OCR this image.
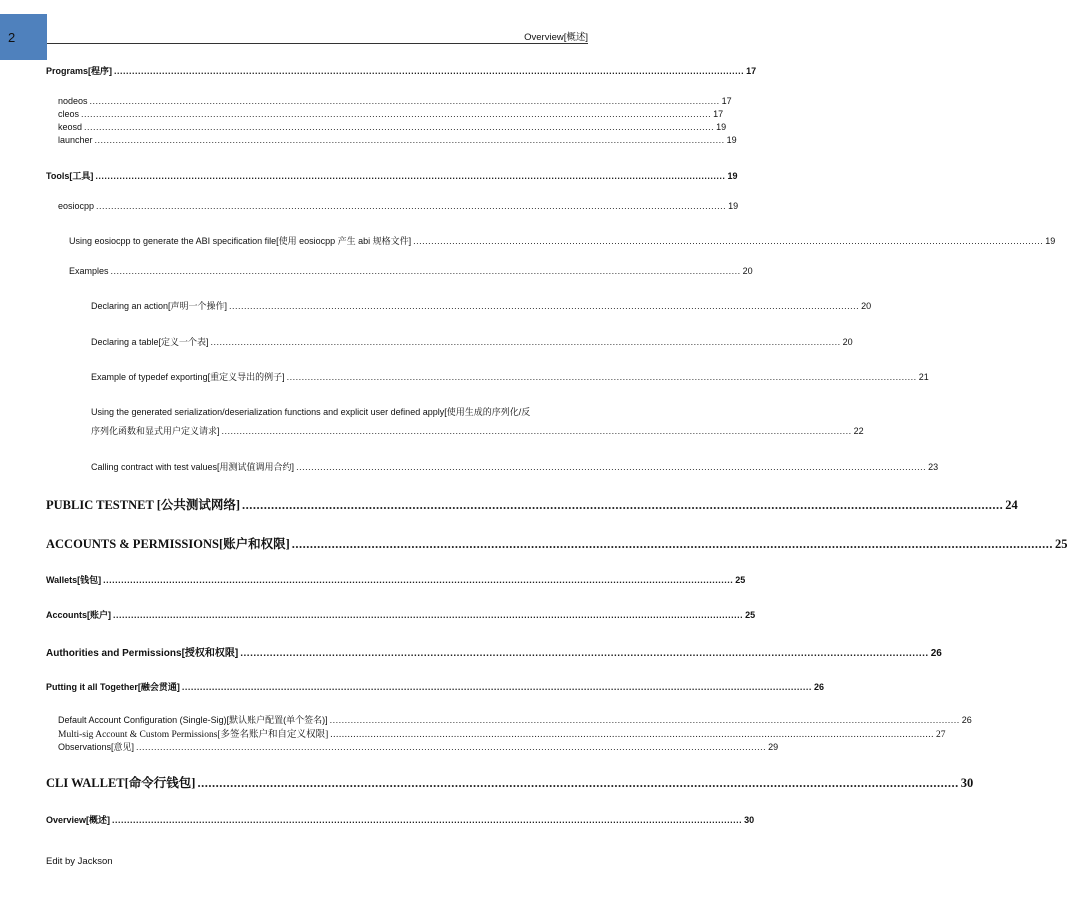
2	Overview[概述]
Programs[程序] .................................................................................................................................................................................................................. 17
nodeos .................................................................................................................................................................................................................. 17
cleos .................................................................................................................................................................................................................. 17
keosd .................................................................................................................................................................................................................. 19
launcher .................................................................................................................................................................................................................. 19
Tools[工具] .................................................................................................................................................................................................................. 19
eosiocpp .................................................................................................................................................................................................................. 19
Using eosiocpp to generate the ABI specification file[使用 eosiocpp 产生 abi 规格文件] .................................................................................................................................................................................................................. 19
Examples .................................................................................................................................................................................................................. 20
Declaring an action[声明一个操作] .................................................................................................................................................................................................................. 20
Declaring a table[定义一个表] .................................................................................................................................................................................................................. 20
Example of typedef exporting[重定义导出的例子] .................................................................................................................................................................................................................. 21
Using the generated serialization/deserialization functions and explicit user defined apply[使用生成的序列化/反
序列化函数和显式用户定义请求] .................................................................................................................................................................................................................. 22
Calling contract with test values[用测试值调用合约] .................................................................................................................................................................................................................. 23
PUBLIC TESTNET [公共测试网络] .................................................................................................................................................................................................................. 24
ACCOUNTS & PERMISSIONS[账户和权限] .................................................................................................................................................................................................................. 25
Wallets[钱包] .................................................................................................................................................................................................................. 25
Accounts[账户] .................................................................................................................................................................................................................. 25
Authorities and Permissions[授权和权限] .................................................................................................................................................................................................................. 26
Putting it all Together[融会贯通] .................................................................................................................................................................................................................. 26
Default Account Configuration (Single-Sig)[默认账户配置(单个签名)] .................................................................................................................................................................................................................. 26
Multi-sig Account & Custom Permissions[多签名账户和自定义权限] .................................................................................................................................................................................................................. 27
Observations[意见] .................................................................................................................................................................................................................. 29
CLI WALLET[命令行钱包] .................................................................................................................................................................................................................. 30
Overview[概述] .................................................................................................................................................................................................................. 30
Edit by Jackson
